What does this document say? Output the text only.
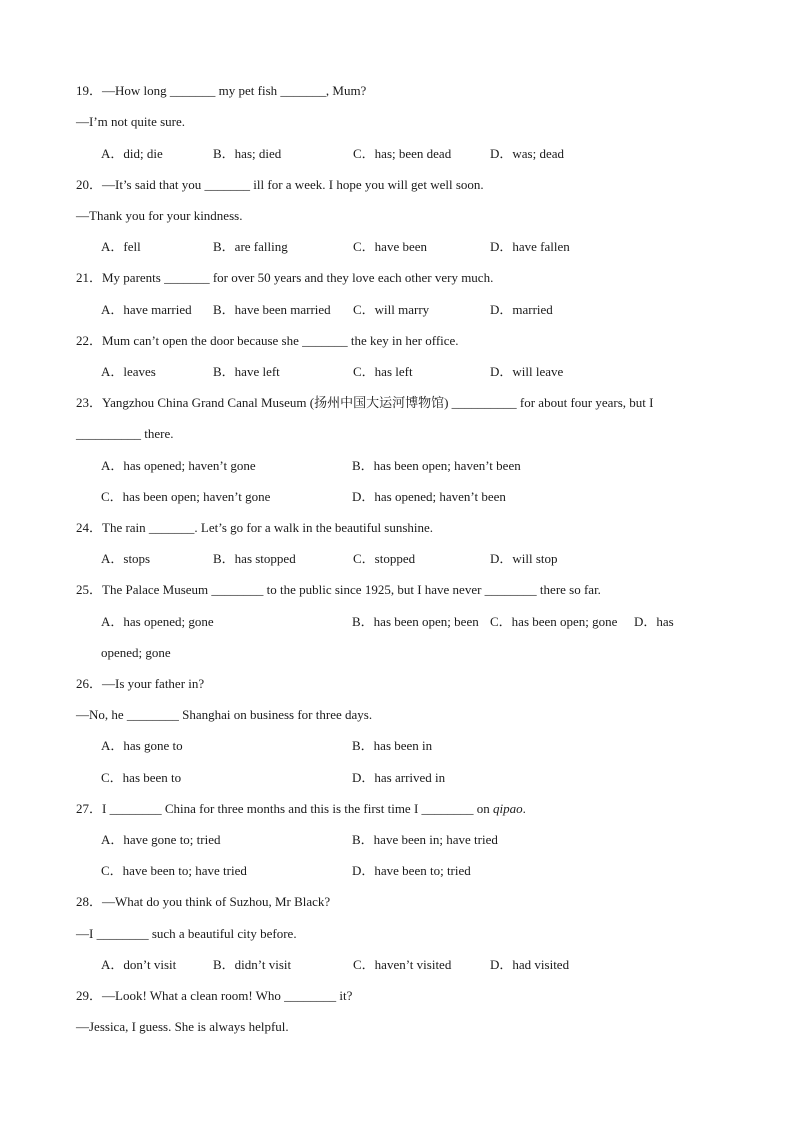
19．—How long _______ my pet fish _______, Mum?
—I’m not quite sure.
A．did; die	B．has; died	C．has; been dead	D．was; dead
20．—It’s said that you _______ ill for a week. I hope you will get well soon.
—Thank you for your kindness.
A．fell	B．are falling	C．have been	D．have fallen
21．My parents _______ for over 50 years and they love each other very much.
A．have married B．have been married C．will marry	D．married
22．Mum can’t open the door because she _______ the key in her office.
A．leaves	B．have left	C．has left	D．will leave
23．Yangzhou China Grand Canal Museum (扬州中国大运河博物馆) __________ for about four years, but I
__________ there.
A．has opened; haven’t gone	B．has been open; haven’t been
C．has been open; haven’t gone	D．has opened; haven’t been
24．The rain _______. Let’s go for a walk in the beautiful sunshine.
A．stops	B．has stopped	C．stopped	D．will stop
25．The Palace Museum ________ to the public since 1925, but I have never ________ there so far.
A．has opened; gone	B．has been open; been C．has been open; gone D．has
opened; gone
26．—Is your father in?
—No, he ________ Shanghai on business for three days.
A．has gone to	B．has been in
C．has been to	D．has arrived in
27．I ________ China for three months and this is the first time I ________ on qipao.
A．have gone to; tried	B．have been in; have tried
C．have been to; have tried	D．have been to; tried
28．—What do you think of Suzhou, Mr Black?
—I ________ such a beautiful city before.
A．don’t visit	B．didn’t visit	C．haven’t visited	D．had visited
29．—Look! What a clean room! Who ________ it?
—Jessica, I guess. She is always helpful.
